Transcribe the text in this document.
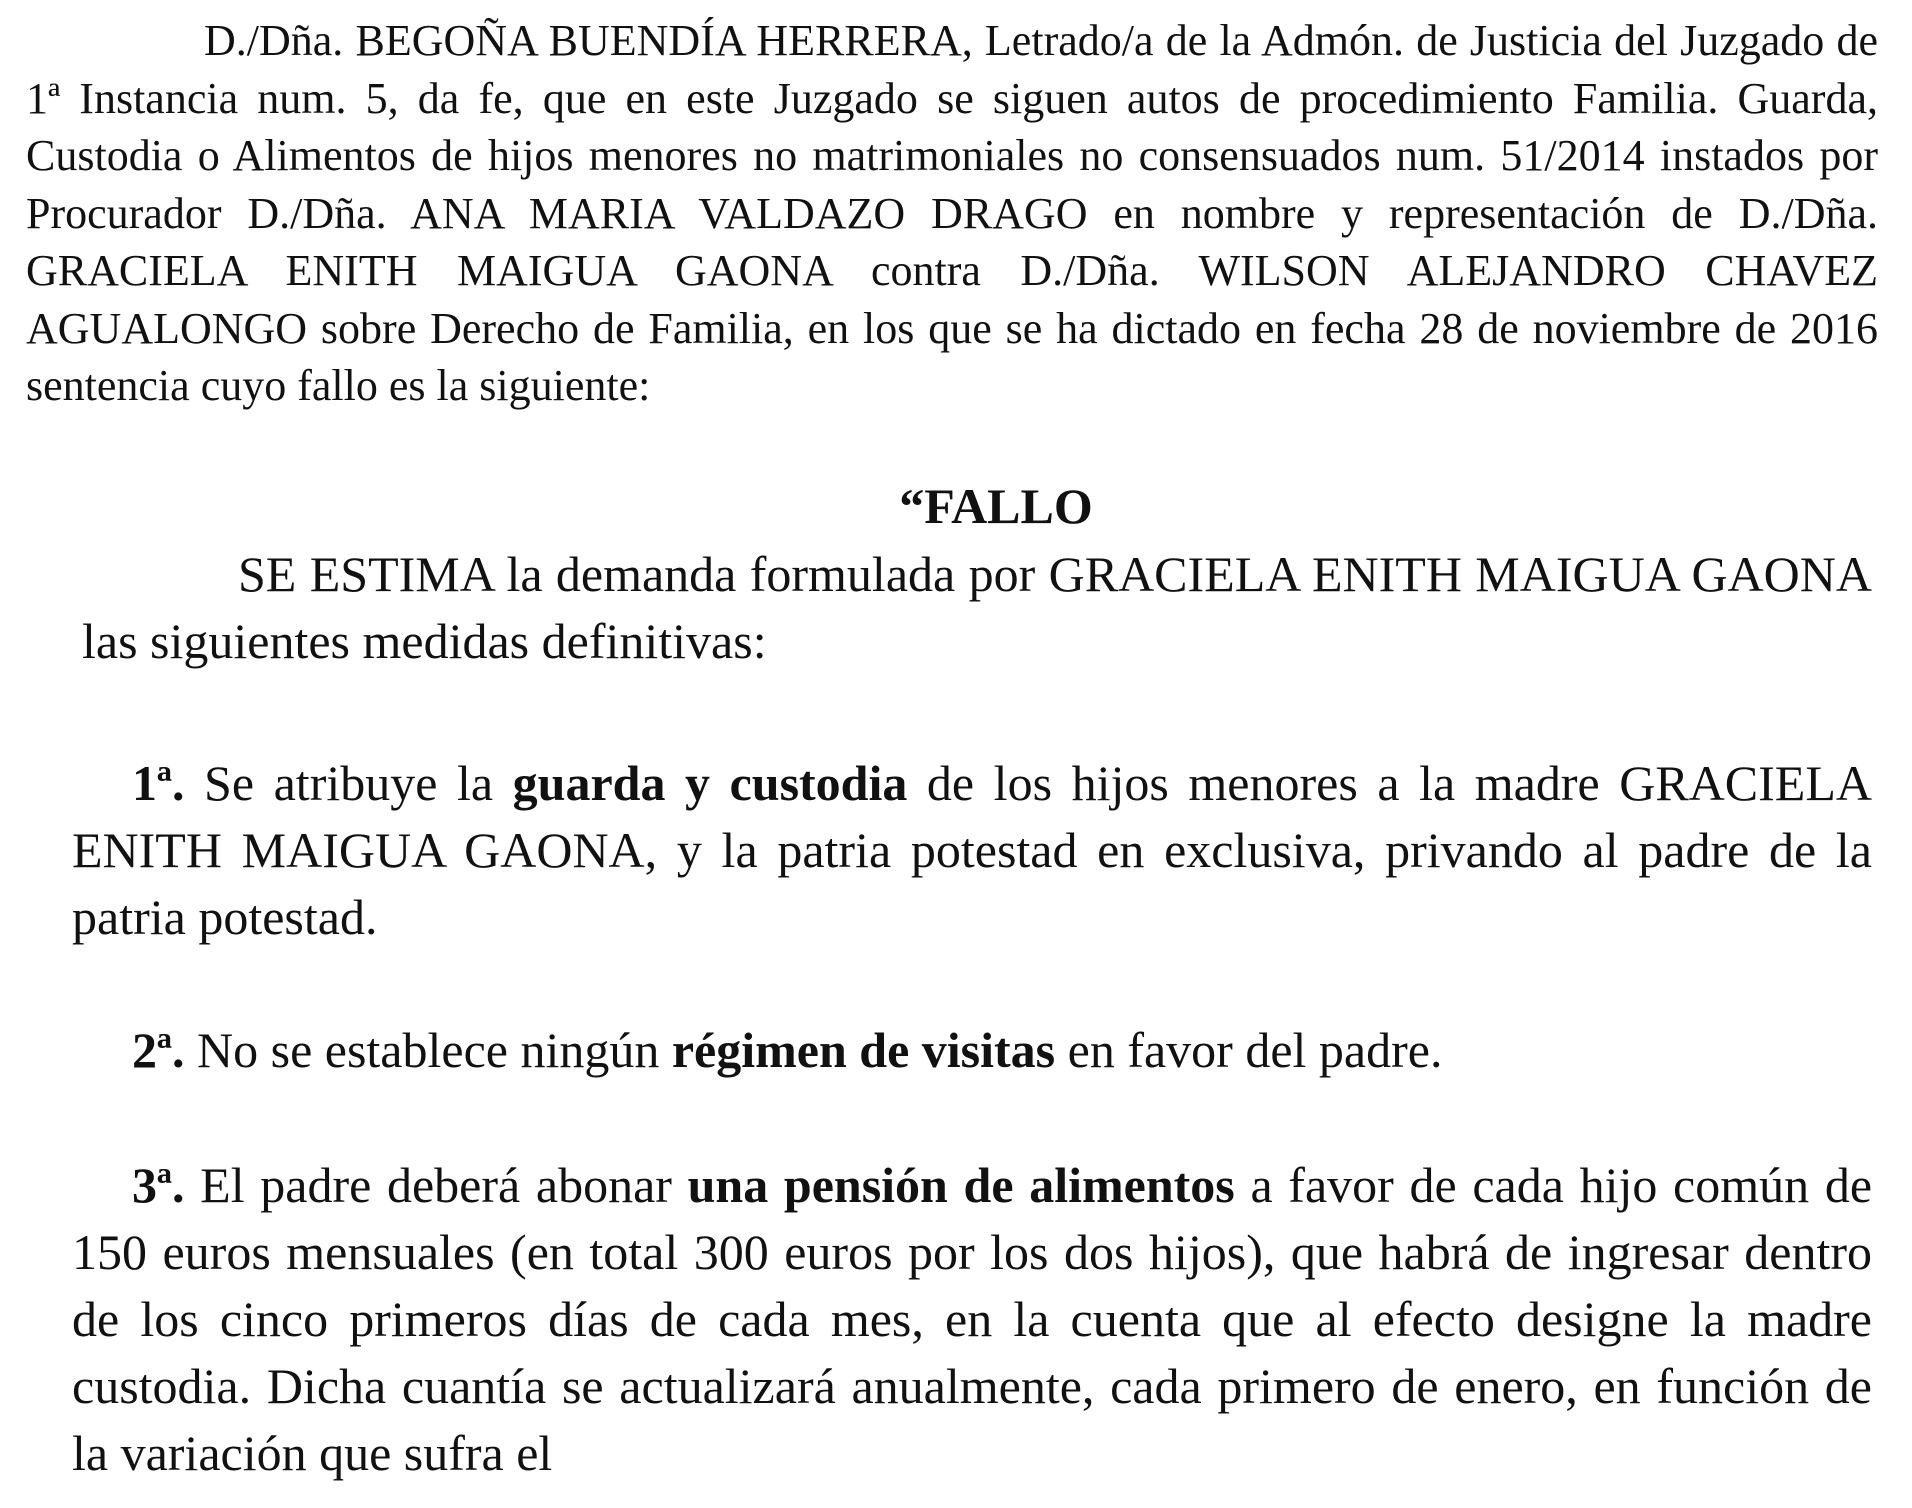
D./Dña. BEGOÑA BUENDÍA HERRERA, Letrado/a de la Admón. de Justicia del Juzgado de 1ª Instancia num. 5, da fe, que en este Juzgado se siguen autos de procedimiento Familia. Guarda, Custodia o Alimentos de hijos menores no matrimoniales no consensuados num. 51/2014 instados por Procurador D./Dña. ANA MARIA VALDAZO DRAGO en nombre y representación de D./Dña. GRACIELA ENITH MAIGUA GAONA contra D./Dña. WILSON ALEJANDRO CHAVEZ AGUALONGO sobre Derecho de Familia, en los que se ha dictado en fecha 28 de noviembre de 2016 sentencia cuyo fallo es la siguiente:

“FALLO

SE ESTIMA la demanda formulada por GRACIELA ENITH MAIGUA GAONA las siguientes medidas definitivas:

1ª. Se atribuye la guarda y custodia de los hijos menores a la madre GRACIELA ENITH MAIGUA GAONA, y la patria potestad en exclusiva, privando al padre de la patria potestad.

2ª. No se establece ningún régimen de visitas en favor del padre.

3ª. El padre deberá abonar una pensión de alimentos a favor de cada hijo común de 150 euros mensuales (en total 300 euros por los dos hijos), que habrá de ingresar dentro de los cinco primeros días de cada mes, en la cuenta que al efecto designe la madre custodia. Dicha cuantía se actualizará anualmente, cada primero de enero, en función de la variación que sufra el
